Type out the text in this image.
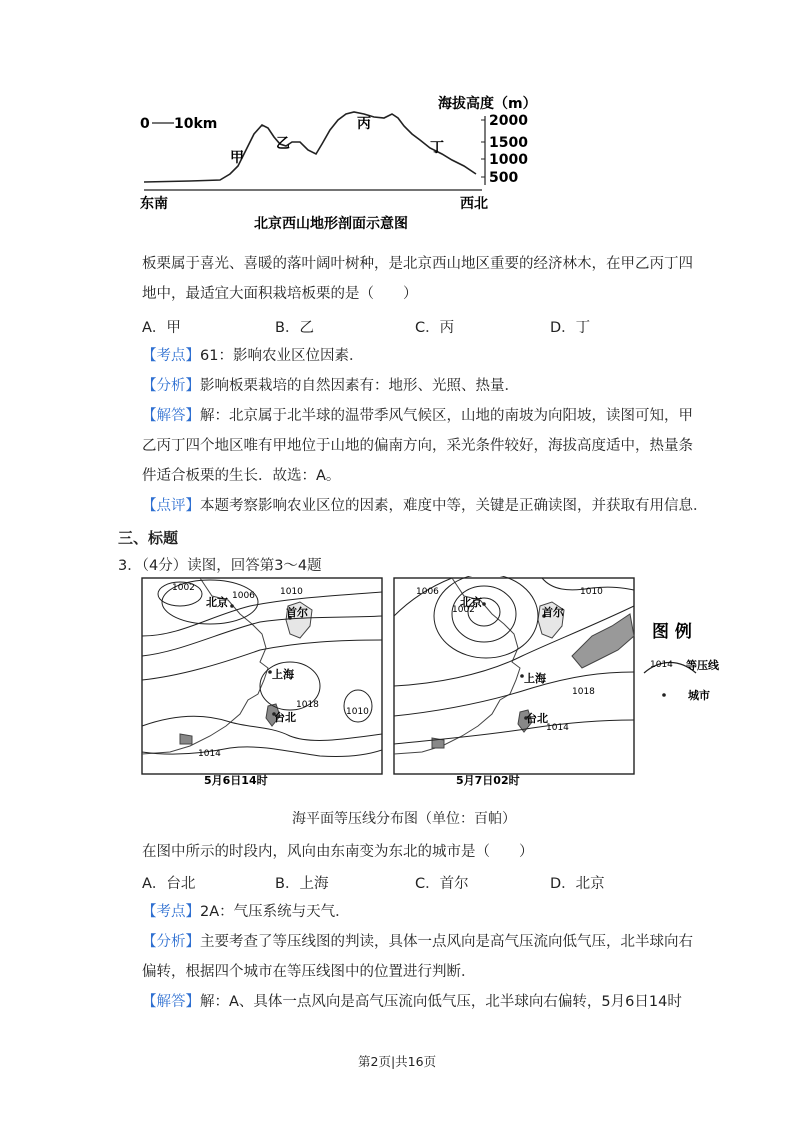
0 10km
海拔高度（m）
2000
1500
1000
500
甲
乙
丙
丁
东南	西北
北京西山地形剖面示意图
板栗属于喜光、喜暖的落叶阔叶树种，是北京西山地区重要的经济林木，在甲乙丙丁四
地中，最适宜大面积栽培板栗的是（　　）
A．甲	B．乙	C．丙	D．丁
【考点】61：影响农业区位因素．
【分析】影响板栗栽培的自然因素有：地形、光照、热量．
【解答】解：北京属于北半球的温带季风气候区，山地的南坡为向阳坡，读图可知，甲
乙丙丁四个地区唯有甲地位于山地的偏南方向，采光条件较好，海拔高度适中，热量条
件适合板栗的生长．故选：A。
【点评】本题考察影响农业区位的因素，难度中等，关键是正确读图，并获取有用信息．
三、标题
3．（4分）读图，回答第3～4题
1002
1006	1010
1018
1010
1014
北京
首尔
上海
台北
5月6日14时
1006
1002
1010
1018
1014
北京
首尔
上海
台北
5月7日02时
图 例
1014 等压线
城市
海平面等压线分布图（单位：百帕）
在图中所示的时段内，风向由东南变为东北的城市是（　　）
A．台北	B．上海	C．首尔	D．北京
【考点】2A：气压系统与天气．
【分析】主要考查了等压线图的判读，具体一点风向是高气压流向低气压，北半球向右
偏转，根据四个城市在等压线图中的位置进行判断．
【解答】解：A、具体一点风向是高气压流向低气压，北半球向右偏转，5月6日14时
第2页|共16页
